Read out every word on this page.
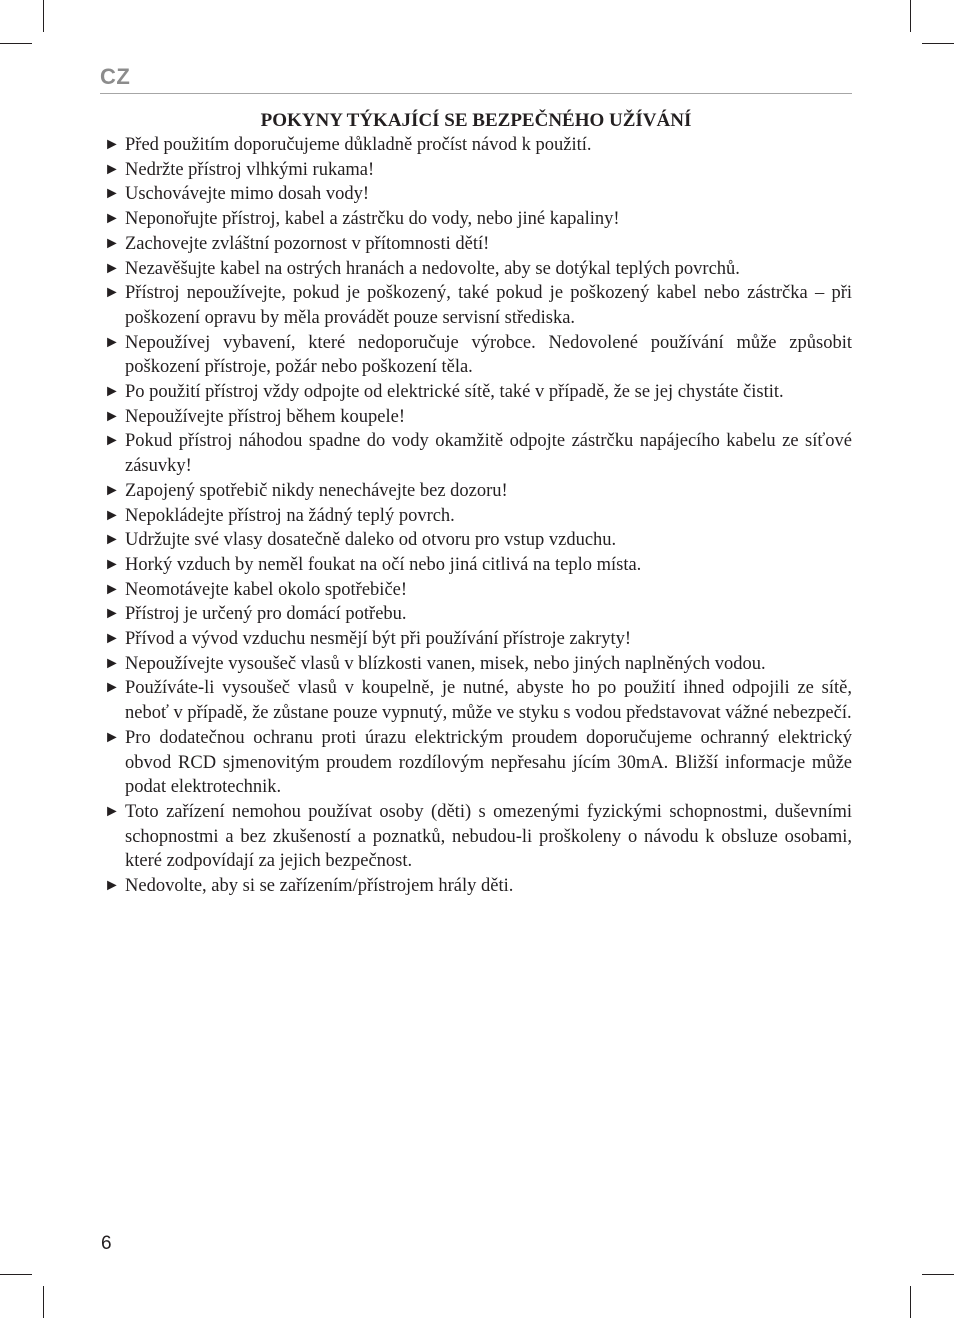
CZ
POKYNY TÝKAJÍCÍ SE BEZPEČNÉHO UŽÍVÁNÍ
► Před použitím doporučujeme důkladně pročíst návod k použití.
► Nedržte přístroj vlhkými rukama!
► Uschovávejte mimo dosah vody!
► Neponořujte přístroj, kabel a zástrčku do vody, nebo jiné kapaliny!
► Zachovejte zvláštní pozornost v přítomnosti dětí!
► Nezavěšujte kabel na ostrých hranách a nedovolte, aby se dotýkal teplých povrchů.
► Přístroj nepoužívejte, pokud je poškozený, také pokud je poškozený kabel nebo zástrčka – při poškození opravu by měla provádět pouze servisní střediska.
► Nepoužívej vybavení, které nedoporučuje výrobce. Nedovolené používání může způsobit poškození přístroje, požár nebo poškození těla.
► Po použití přístroj vždy odpojte od elektrické sítě, také v případě, že se jej chystáte čistit.
► Nepoužívejte přístroj během koupele!
► Pokud přístroj náhodou spadne do vody okamžitě odpojte zástrčku napájecího kabelu ze síťové zásuvky!
► Zapojený spotřebič nikdy nenechávejte bez dozoru!
► Nepokládejte přístroj na žádný teplý povrch.
► Udržujte své vlasy dosatečně daleko od otvoru pro vstup vzduchu.
► Horký vzduch by neměl foukat na očí nebo jiná citlivá na teplo místa.
► Neomotávejte kabel okolo spotřebiče!
► Přístroj je určený pro domácí potřebu.
► Přívod a vývod vzduchu nesmějí být při používání přístroje zakryty!
► Nepoužívejte vysoušeč vlasů v blízkosti vanen, misek, nebo jiných naplněných vodou.
► Používáte-li vysoušeč vlasů v koupelně, je nutné, abyste ho po použití ihned odpojili ze sítě, neboť v případě, že zůstane pouze vypnutý, může ve styku s vodou představovat vážné nebezpečí.
► Pro dodatečnou ochranu proti úrazu elektrickým proudem doporučujeme ochranný elektrický obvod RCD sjmenovitým proudem rozdílovým nepřesahu jícím 30mA. Bližší informacje může podat elektrotechnik.
► Toto zařízení nemohou používat osoby (děti) s omezenými fyzickými schopnostmi, duševními schopnostmi a bez zkušeností a poznatků, nebudou-li proškoleny o návodu k obsluze osobami, které zodpovídají za jejich bezpečnost.
► Nedovolte, aby si se zařízením/přístrojem hrály děti.
6
